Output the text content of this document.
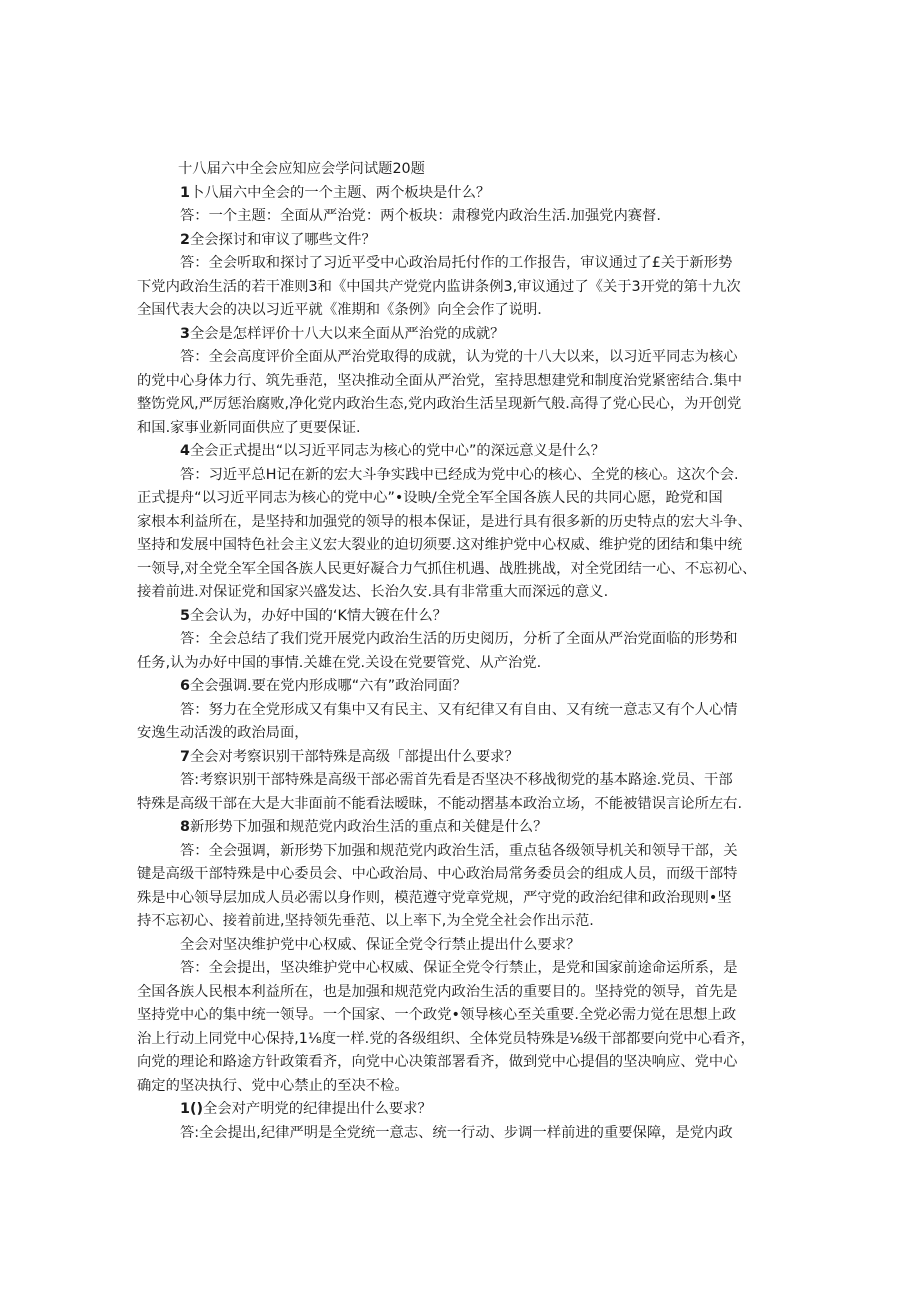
十八届六中全会应知应会学问试题20题

1卜八届六中全会的一个主题、两个板块是什么？

答：一个主题：全面从严治党：两个板块：肃穆党内政治生活.加强党内赛督.

2全会探讨和审议了哪些文件？

答：全会听取和探讨了习近平受中心政治局托付作的工作报告，审议通过了£关于新形势

下党内政治生活的若干准则3和《中国共产党党内监讲条例3,审议通过了《关于3开党的第十九次

全国代表大会的决以习近平就《准期和《条例》向全会作了说明.

3全会是怎样评价十八大以来全面从严治党的成就？

答：全会高度评价全面从严治党取得的成就，认为党的十八大以来，以习近平同志为核心

的党中心身体力行、筑先垂范，坚决推动全面从严治党，室持思想建党和制度治党紧密结合.集中

整饬党风,严厉惩治腐败,净化党内政治生态,党内政治生活呈现新气般.高得了党心民心，为开创党

和国.家事业新同面供应了更要保证.

4全会正式提出“以习近平同志为核心的党中心”的深远意义是什么？

答：习近平总H记在新的宏大斗争实践中已经成为党中心的核心、全党的核心。这次个会.

正式提舟“以习近平同志为核心的党中心”•设映/全党全军全国各族人民的共同心愿，跄党和国

家根本利益所在，是坚持和加强党的领导的根本保证，是进行具有很多新的历史特点的宏大斗争、

坚持和发展中国特色社会主义宏大裂业的迫切须要.这对维护党中心权威、维护党的团结和集中统

一领导,对全党全军全国各族人民更好凝合力气抓住机遇、战胜挑战，对全党团结一心、不忘初心、

接着前进.对保证党和国家兴盛发达、长治久安.具有非常重大而深远的意义.

5全会认为，办好中国的‘K情大镀在什么？

答：全会总结了我们党开展党内政治生活的历史阅历，分析了全面从严治党面临的形势和

任务,认为办好中国的事情.关雄在党.关设在党要管党、从产治党.

6全会强调.要在党内形成哪“六有”政治同面？

答：努力在全党形成又有集中又有民主、又有纪律又有自由、又有统一意志又有个人心情

安逸生动活泼的政治局面，

7全会对考察识别干部特殊是高级「部提出什么要求？

答:考察识别干部特殊是高级干部必需首先看是否坚决不移战彻党的基本路途.党员、干部

特殊是高级干部在大是大非面前不能看法暧昧，不能动摺基本政治立场，不能被错误言论所左右.

8新形势下加强和规范党内政治生活的重点和关健是什么？

答：全会强调，新形势下加强和规范党内政治生活，重点毡各级领导机关和领导干部，关

键是高级干部特殊是中心委员会、中心政治局、中心政治局常务委员会的组成人员，而级干部特

殊是中心领导层加成人员必需以身作则，模范遵守党章党规，严守党的政治纪律和政治现则•坚

持不忘初心、接着前进,坚持领先垂范、以上率下,为全党全社会作出示范.

全会对坚决维护党中心权威、保证全党令行禁止提出什么要求？

答：全会提出，坚决维护党中心权威、保证全党令行禁止，是党和国家前途命运所系，是

全国各族人民根本利益所在，也是加强和规范党内政治生活的重要目的。坚持党的领导，首先是

坚持党中心的集中统一领导。一个国家、一个政党•领导核心至关重要.全党必需力觉在思想上政

治上行动上同党中心保持,1⅛度一样.党的各级组织、全体党员特殊是⅛级干部都要向党中心看齐，

向党的理论和路途方针政策看齐，向党中心决策部署看齐，做到党中心提倡的坚决响应、党中心

确定的坚决执行、党中心禁止的至决不检。

1()全会对产明党的纪律提出什么要求？

答:全会提出,纪律严明是全党统一意志、统一行动、步调一样前进的重要保障，是党内政
